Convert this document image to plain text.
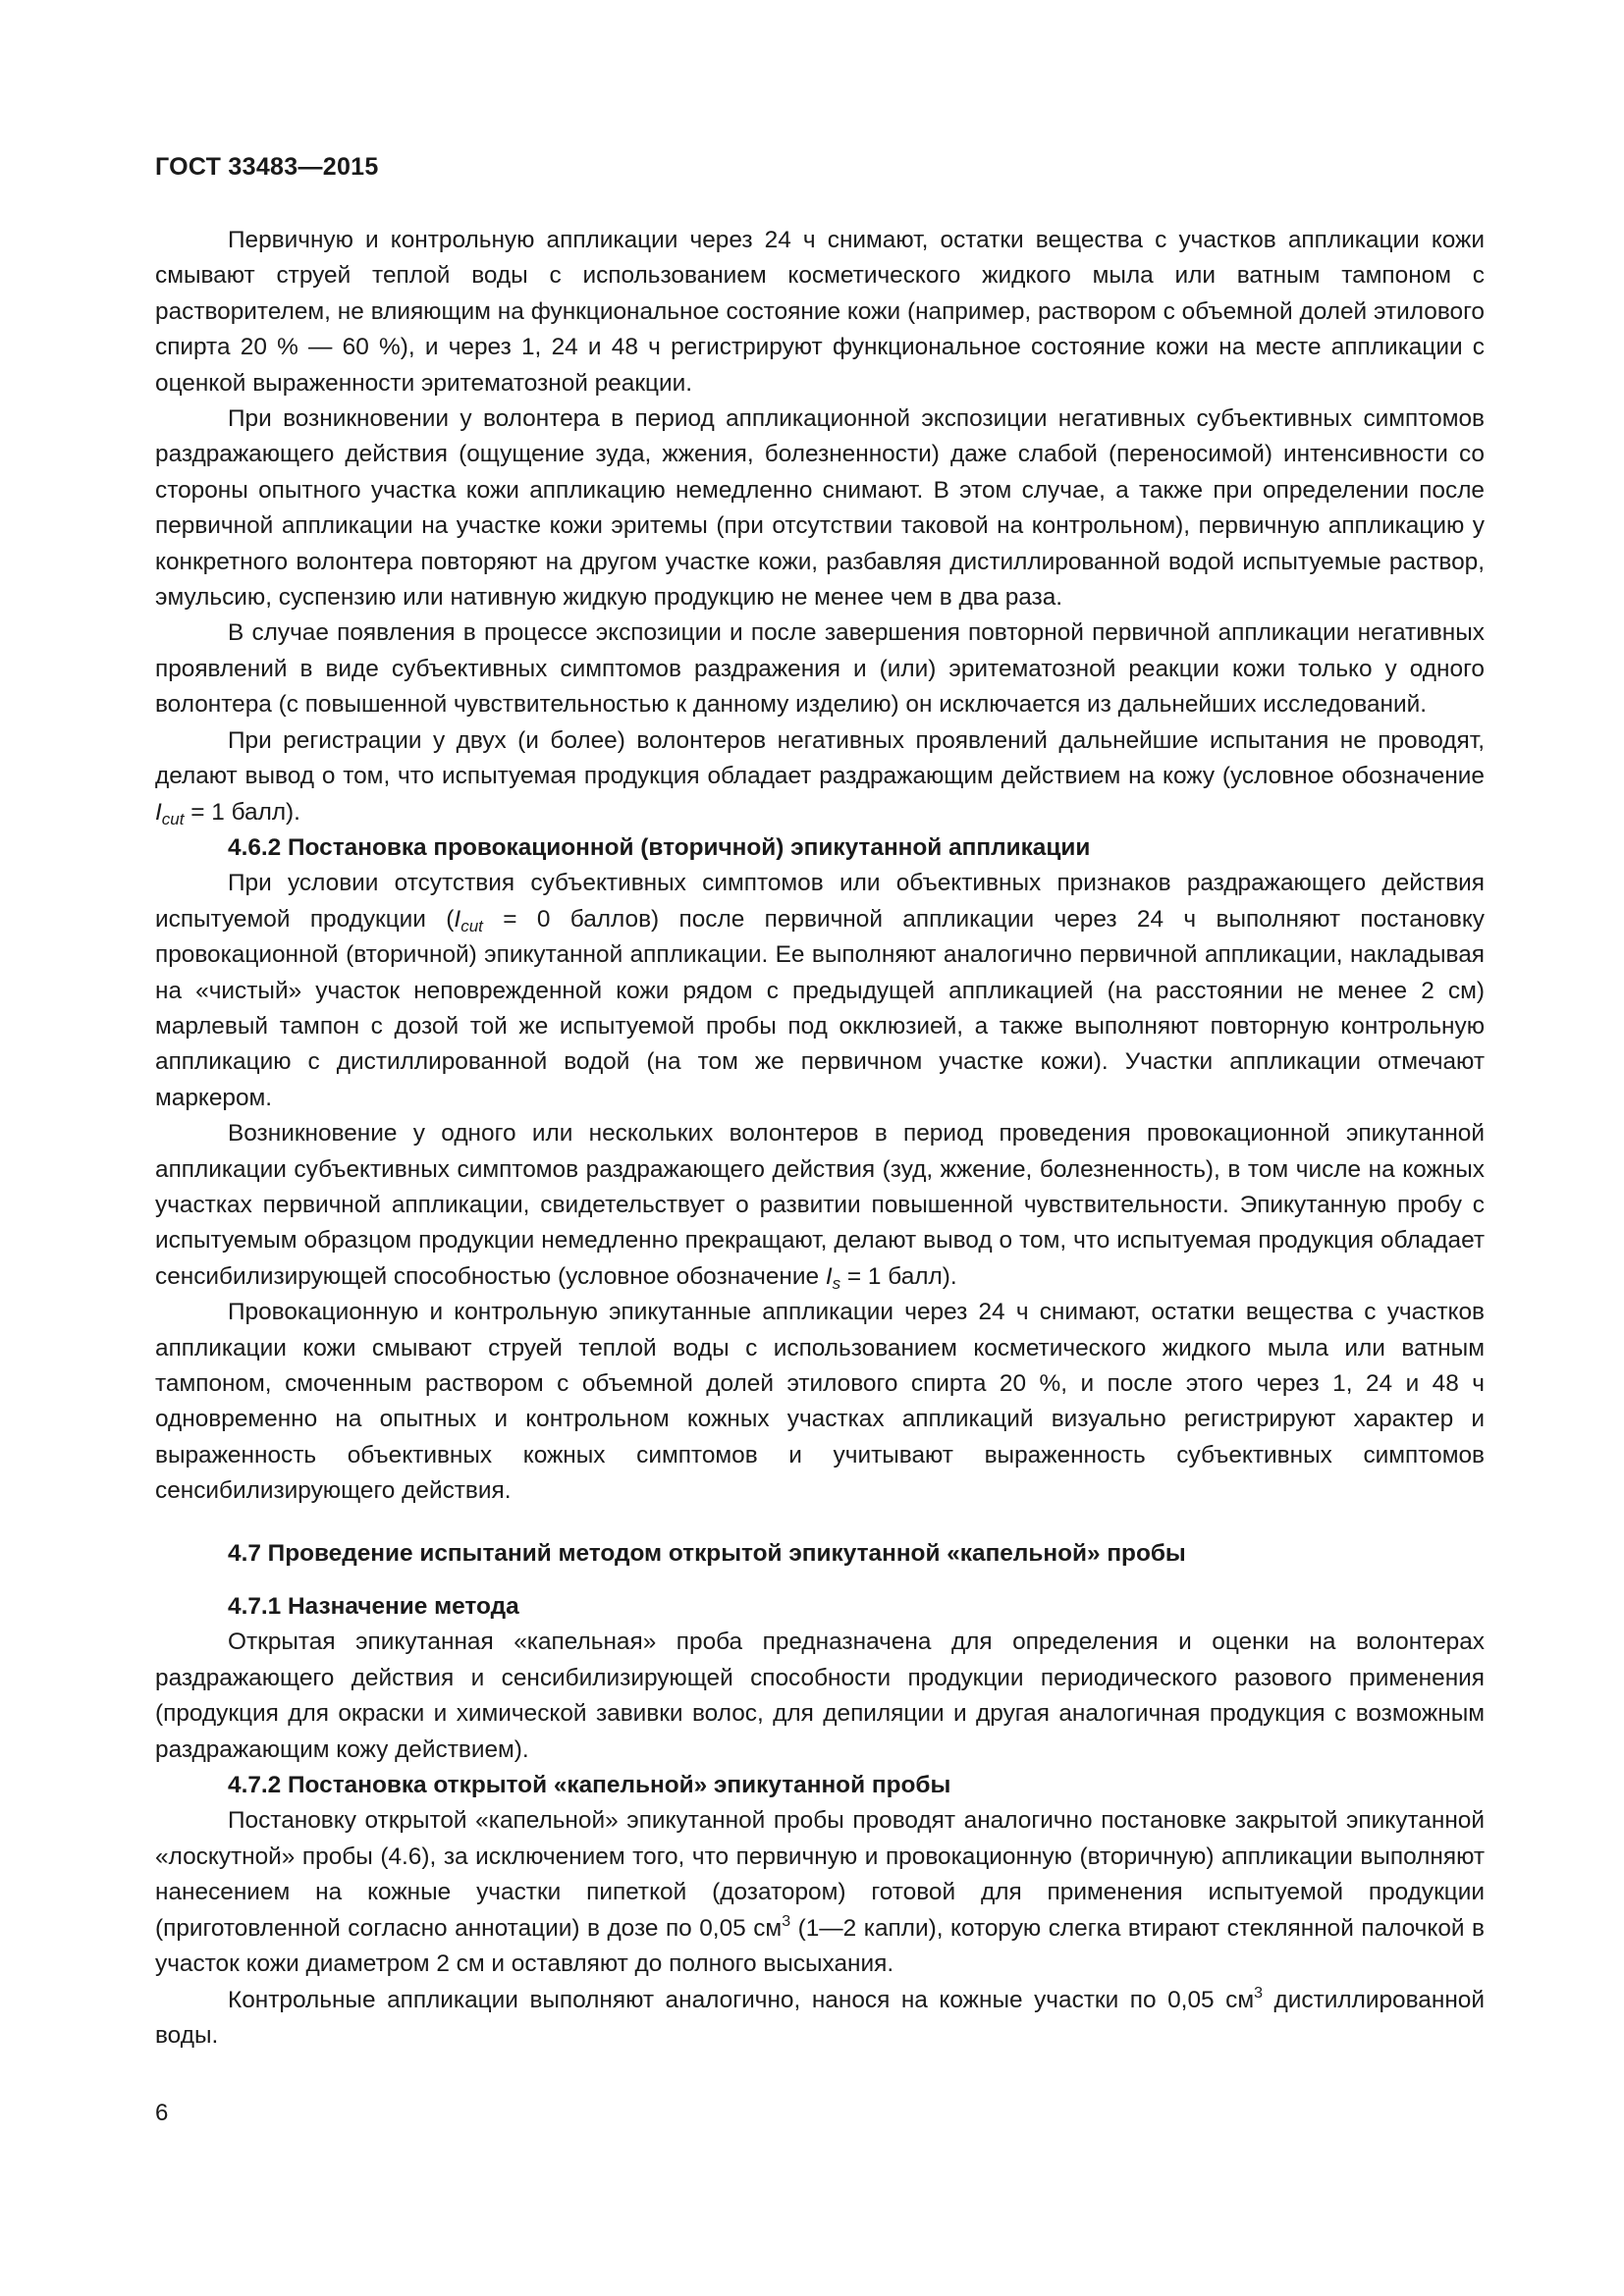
ГОСТ 33483—2015

Первичную и контрольную аппликации через 24 ч снимают, остатки вещества с участков аппликации кожи смывают струей теплой воды с использованием косметического жидкого мыла или ватным тампоном с растворителем, не влияющим на функциональное состояние кожи (например, раствором с объемной долей этилового спирта 20 % — 60 %), и через 1, 24 и 48 ч регистрируют функциональное состояние кожи на месте аппликации с оценкой выраженности эритематозной реакции.

При возникновении у волонтера в период аппликационной экспозиции негативных субъективных симптомов раздражающего действия (ощущение зуда, жжения, болезненности) даже слабой (переносимой) интенсивности со стороны опытного участка кожи аппликацию немедленно снимают. В этом случае, а также при определении после первичной аппликации на участке кожи эритемы (при отсутствии таковой на контрольном), первичную аппликацию у конкретного волонтера повторяют на другом участке кожи, разбавляя дистиллированной водой испытуемые раствор, эмульсию, суспензию или нативную жидкую продукцию не менее чем в два раза.

В случае появления в процессе экспозиции и после завершения повторной первичной аппликации негативных проявлений в виде субъективных симптомов раздражения и (или) эритематозной реакции кожи только у одного волонтера (с повышенной чувствительностью к данному изделию) он исключается из дальнейших исследований.

При регистрации у двух (и более) волонтеров негативных проявлений дальнейшие испытания не проводят, делают вывод о том, что испытуемая продукция обладает раздражающим действием на кожу (условное обозначение $I_{cut} = 1$ балл).

4.6.2 Постановка провокационной (вторичной) эпикутанной аппликации

При условии отсутствия субъективных симптомов или объективных признаков раздражающего действия испытуемой продукции ($I_{cut} = 0$ баллов) после первичной аппликации через 24 ч выполняют постановку провокационной (вторичной) эпикутанной аппликации. Ее выполняют аналогично первичной аппликации, накладывая на «чистый» участок неповрежденной кожи рядом с предыдущей аппликацией (на расстоянии не менее 2 см) марлевый тампон с дозой той же испытуемой пробы под окклюзией, а также выполняют повторную контрольную аппликацию с дистиллированной водой (на том же первичном участке кожи). Участки аппликации отмечают маркером.

Возникновение у одного или нескольких волонтеров в период проведения провокационной эпикутанной аппликации субъективных симптомов раздражающего действия (зуд, жжение, болезненность), в том числе на кожных участках первичной аппликации, свидетельствует о развитии повышенной чувствительности. Эпикутанную пробу с испытуемым образцом продукции немедленно прекращают, делают вывод о том, что испытуемая продукция обладает сенсибилизирующей способностью (условное обозначение $I_s = 1$ балл).

Провокационную и контрольную эпикутанные аппликации через 24 ч снимают, остатки вещества с участков аппликации кожи смывают струей теплой воды с использованием косметического жидкого мыла или ватным тампоном, смоченным раствором с объемной долей этилового спирта 20 %, и после этого через 1, 24 и 48 ч одновременно на опытных и контрольном кожных участках аппликаций визуально регистрируют характер и выраженность объективных кожных симптомов и учитывают выраженность субъективных симптомов сенсибилизирующего действия.

4.7 Проведение испытаний методом открытой эпикутанной «капельной» пробы

4.7.1 Назначение метода

Открытая эпикутанная «капельная» проба предназначена для определения и оценки на волонтерах раздражающего действия и сенсибилизирующей способности продукции периодического разового применения (продукция для окраски и химической завивки волос, для депиляции и другая аналогичная продукция с возможным раздражающим кожу действием).

4.7.2 Постановка открытой «капельной» эпикутанной пробы

Постановку открытой «капельной» эпикутанной пробы проводят аналогично постановке закрытой эпикутанной «лоскутной» пробы (4.6), за исключением того, что первичную и провокационную (вторичную) аппликации выполняют нанесением на кожные участки пипеткой (дозатором) готовой для применения испытуемой продукции (приготовленной согласно аннотации) в дозе по 0,05 $см^3$ (1—2 капли), которую слегка втирают стеклянной палочкой в участок кожи диаметром 2 см и оставляют до полного высыхания.

Контрольные аппликации выполняют аналогично, нанося на кожные участки по 0,05 $см^3$ дистиллированной воды.

6
